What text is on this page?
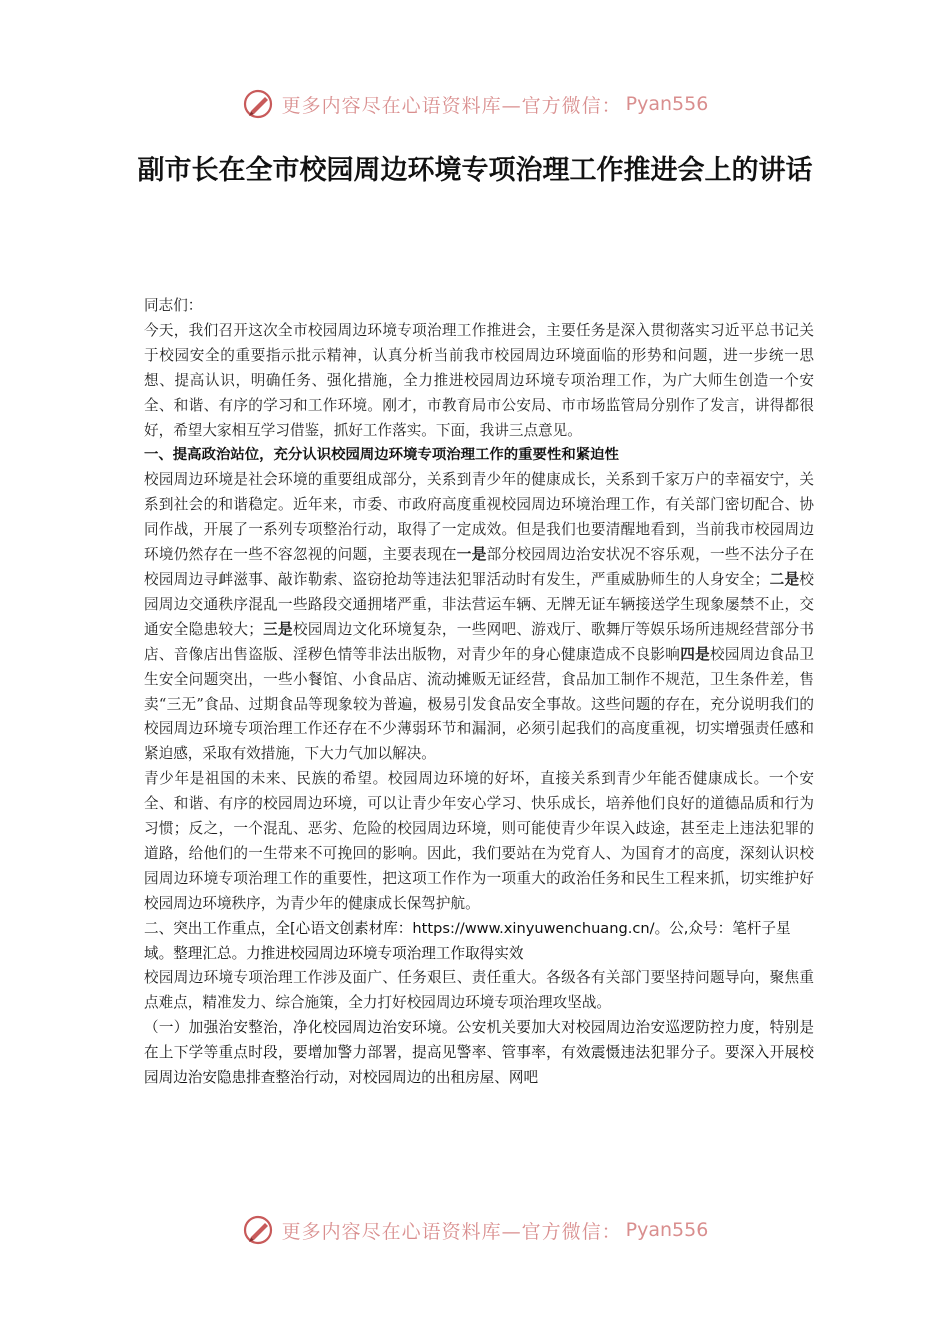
更多内容尽在心语资料库—官方微信： Pyan556
副市长在全市校园周边环境专项治理工作推进会上的讲话

同志们：

今天，我们召开这次全市校园周边环境专项治理工作推进会，主要任务是深入贯彻落实习近平总书记关于校园安全的重要指示批示精神，认真分析当前我市校园周边环境面临的形势和问题，进一步统一思想、提高认识，明确任务、强化措施，全力推进校园周边环境专项治理工作，为广大师生创造一个安全、和谐、有序的学习和工作环境。刚才，市教育局市公安局、市市场监管局分别作了发言，讲得都很好，希望大家相互学习借鉴，抓好工作落实。下面，我讲三点意见。

一、提高政治站位，充分认识校园周边环境专项治理工作的重要性和紧迫性

校园周边环境是社会环境的重要组成部分，关系到青少年的健康成长，关系到千家万户的幸福安宁，关系到社会的和谐稳定。近年来，市委、市政府高度重视校园周边环境治理工作，有关部门密切配合、协同作战，开展了一系列专项整治行动，取得了一定成效。但是我们也要清醒地看到，当前我市校园周边环境仍然存在一些不容忽视的问题，主要表现在一是部分校园周边治安状况不容乐观，一些不法分子在校园周边寻衅滋事、敲诈勒索、盗窃抢劫等违法犯罪活动时有发生，严重威胁师生的人身安全；二是校园周边交通秩序混乱一些路段交通拥堵严重，非法营运车辆、无牌无证车辆接送学生现象屡禁不止，交通安全隐患较大；三是校园周边文化环境复杂，一些网吧、游戏厅、歌舞厅等娱乐场所违规经营部分书店、音像店出售盗版、淫秽色情等非法出版物，对青少年的身心健康造成不良影响四是校园周边食品卫生安全问题突出，一些小餐馆、小食品店、流动摊贩无证经营，食品加工制作不规范，卫生条件差，售卖“三无”食品、过期食品等现象较为普遍，极易引发食品安全事故。这些问题的存在，充分说明我们的校园周边环境专项治理工作还存在不少薄弱环节和漏洞，必须引起我们的高度重视，切实增强责任感和紧迫感，采取有效措施，下大力气加以解决。

青少年是祖国的未来、民族的希望。校园周边环境的好坏，直接关系到青少年能否健康成长。一个安全、和谐、有序的校园周边环境，可以让青少年安心学习、快乐成长，培养他们良好的道德品质和行为习惯；反之，一个混乱、恶劣、危险的校园周边环境，则可能使青少年误入歧途，甚至走上违法犯罪的道路，给他们的一生带来不可挽回的影响。因此，我们要站在为党育人、为国育才的高度，深刻认识校园周边环境专项治理工作的重要性，把这项工作作为一项重大的政治任务和民生工程来抓，切实维护好校园周边环境秩序，为青少年的健康成长保驾护航。

二、突出工作重点，全[心语文创素材库：https://www.xinyuwenchuang.cn/。公,众号：笔杆子星域。整理汇总。力推进校园周边环境专项治理工作取得实效

校园周边环境专项治理工作涉及面广、任务艰巨、责任重大。各级各有关部门要坚持问题导向，聚焦重点难点，精准发力、综合施策，全力打好校园周边环境专项治理攻坚战。

（一）加强治安整治，净化校园周边治安环境。公安机关要加大对校园周边治安巡逻防控力度，特别是在上下学等重点时段，要增加警力部署，提高见警率、管事率，有效震慑违法犯罪分子。要深入开展校园周边治安隐患排查整治行动，对校园周边的出租房屋、网吧

更多内容尽在心语资料库—官方微信： Pyan556
